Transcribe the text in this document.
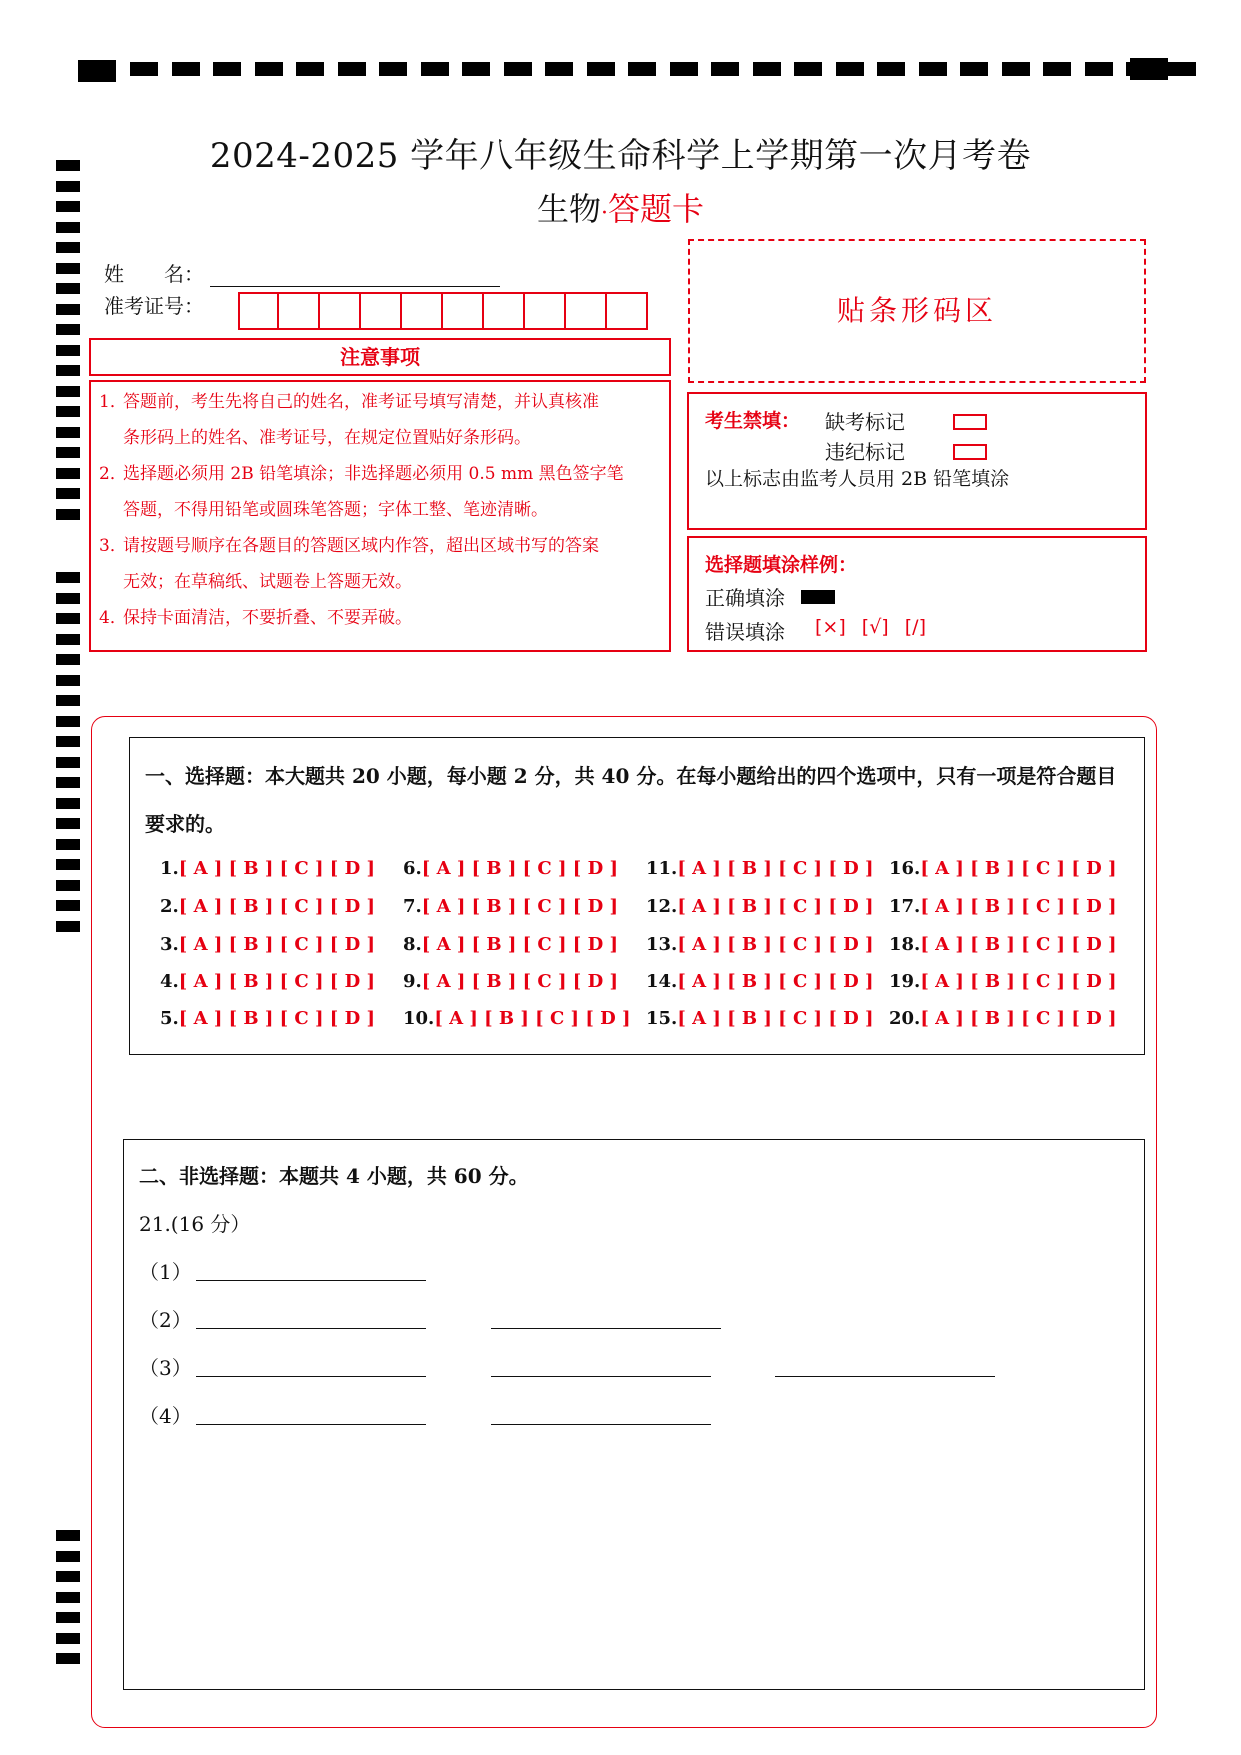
2024-2025 学年八年级生命科学上学期第一次月考卷
生物·答题卡
姓　　名：
准考证号：
注意事项
1．答题前，考生先将自己的姓名，准考证号填写清楚，并认真核准
条形码上的姓名、准考证号，在规定位置贴好条形码。
2．选择题必须用 2B 铅笔填涂；非选择题必须用 0.5 mm 黑色签字笔
答题，不得用铅笔或圆珠笔答题；字体工整、笔迹清晰。
3．请按题号顺序在各题目的答题区域内作答，超出区域书写的答案
无效；在草稿纸、试题卷上答题无效。
4．保持卡面清洁，不要折叠、不要弄破。
贴条形码区
考生禁填： 缺考标记
违纪标记
以上标志由监考人员用 2B 铅笔填涂
选择题填涂样例：
正确填涂
错误填涂 [×] [√] [/]
一、选择题：本大题共 20 小题，每小题 2 分，共 40 分。在每小题给出的四个选项中，只有一项是符合题目要求的。
1.[ A ] [ B ] [ C ] [ D ]
2.[ A ] [ B ] [ C ] [ D ]
3.[ A ] [ B ] [ C ] [ D ]
4.[ A ] [ B ] [ C ] [ D ]
5.[ A ] [ B ] [ C ] [ D ]
6.[ A ] [ B ] [ C ] [ D ]
7.[ A ] [ B ] [ C ] [ D ]
8.[ A ] [ B ] [ C ] [ D ]
9.[ A ] [ B ] [ C ] [ D ]
10.[ A ] [ B ] [ C ] [ D ]
11.[ A ] [ B ] [ C ] [ D ]
12.[ A ] [ B ] [ C ] [ D ]
13.[ A ] [ B ] [ C ] [ D ]
14.[ A ] [ B ] [ C ] [ D ]
15.[ A ] [ B ] [ C ] [ D ]
16.[ A ] [ B ] [ C ] [ D ]
17.[ A ] [ B ] [ C ] [ D ]
18.[ A ] [ B ] [ C ] [ D ]
19.[ A ] [ B ] [ C ] [ D ]
20.[ A ] [ B ] [ C ] [ D ]
二、非选择题：本题共 4 小题，共 60 分。
21.(16 分）
（1）
（2）
（3）
（4）
